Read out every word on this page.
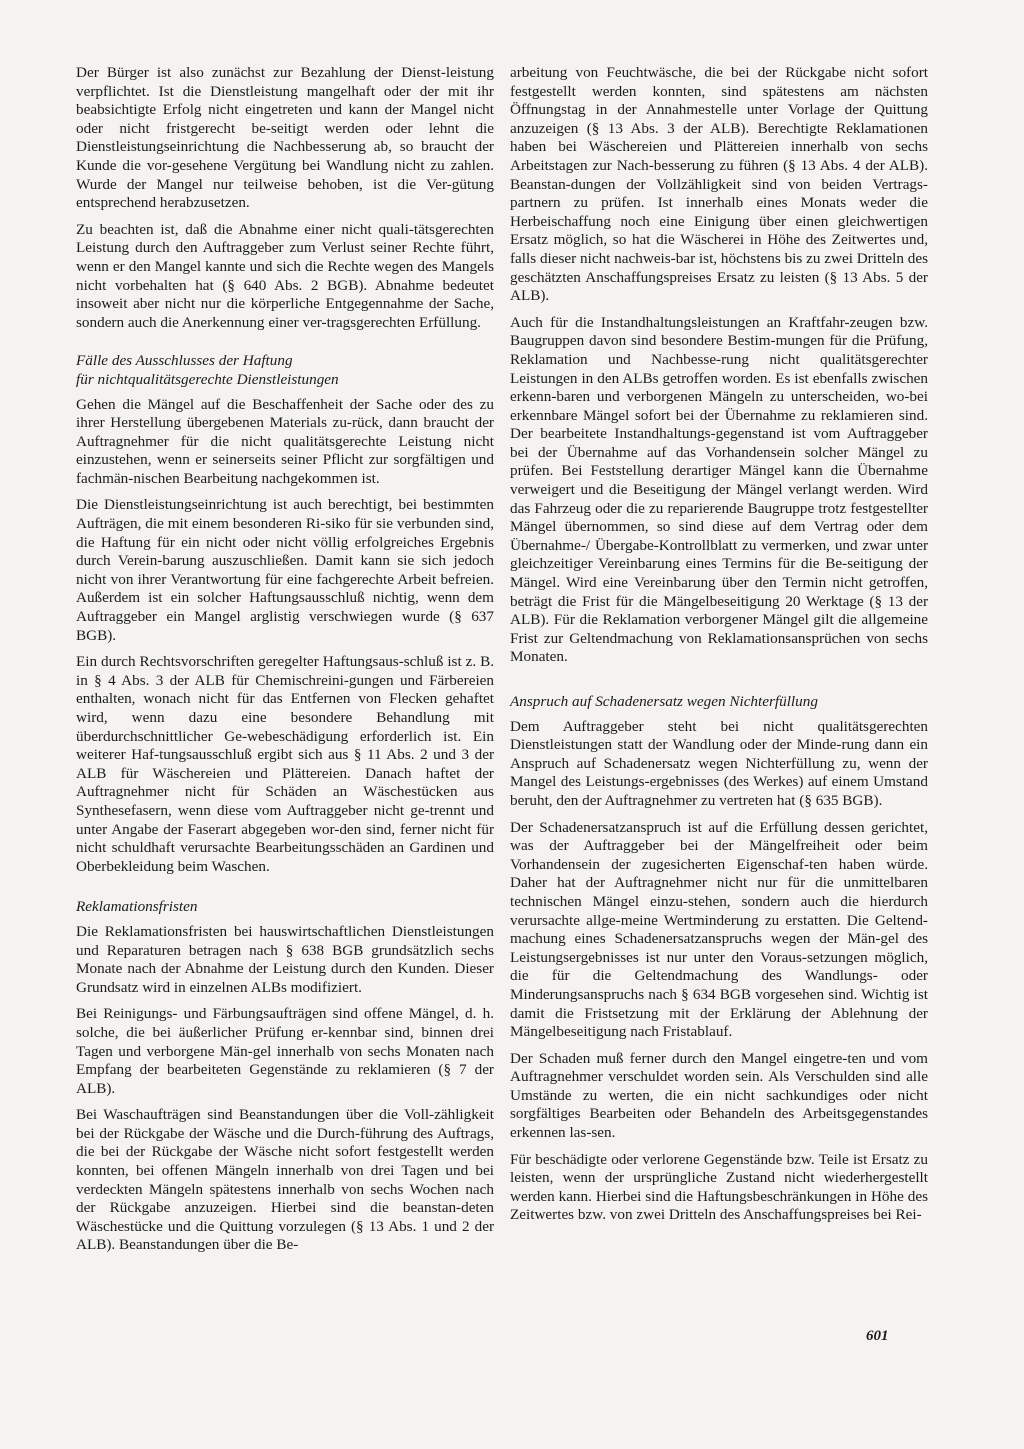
Der Bürger ist also zunächst zur Bezahlung der Dienst-leistung verpflichtet. Ist die Dienstleistung mangelhaft oder der mit ihr beabsichtigte Erfolg nicht eingetreten und kann der Mangel nicht oder nicht fristgerecht be-seitigt werden oder lehnt die Dienstleistungseinrichtung die Nachbesserung ab, so braucht der Kunde die vor-gesehene Vergütung bei Wandlung nicht zu zahlen. Wurde der Mangel nur teilweise behoben, ist die Ver-gütung entsprechend herabzusetzen.

Zu beachten ist, daß die Abnahme einer nicht quali-tätsgerechten Leistung durch den Auftraggeber zum Verlust seiner Rechte führt, wenn er den Mangel kannte und sich die Rechte wegen des Mangels nicht vorbehalten hat (§ 640 Abs. 2 BGB). Abnahme bedeutet insoweit aber nicht nur die körperliche Entgegennahme der Sache, sondern auch die Anerkennung einer ver-tragsgerechten Erfüllung.

Fälle des Ausschlusses der Haftung
für nichtqualitätsgerechte Dienstleistungen

Gehen die Mängel auf die Beschaffenheit der Sache oder des zu ihrer Herstellung übergebenen Materials zu-rück, dann braucht der Auftragnehmer für die nicht qualitätsgerechte Leistung nicht einzustehen, wenn er seinerseits seiner Pflicht zur sorgfältigen und fachmän-nischen Bearbeitung nachgekommen ist.

Die Dienstleistungseinrichtung ist auch berechtigt, bei bestimmten Aufträgen, die mit einem besonderen Ri-siko für sie verbunden sind, die Haftung für ein nicht oder nicht völlig erfolgreiches Ergebnis durch Verein-barung auszuschließen. Damit kann sie sich jedoch nicht von ihrer Verantwortung für eine fachgerechte Arbeit befreien. Außerdem ist ein solcher Haftungsausschluß nichtig, wenn dem Auftraggeber ein Mangel arglistig verschwiegen wurde (§ 637 BGB).

Ein durch Rechtsvorschriften geregelter Haftungsaus-schluß ist z. B. in § 4 Abs. 3 der ALB für Chemischreini-gungen und Färbereien enthalten, wonach nicht für das Entfernen von Flecken gehaftet wird, wenn dazu eine besondere Behandlung mit überdurchschnittlicher Ge-webeschädigung erforderlich ist. Ein weiterer Haf-tungsausschluß ergibt sich aus § 11 Abs. 2 und 3 der ALB für Wäschereien und Plättereien. Danach haftet der Auftragnehmer nicht für Schäden an Wäschestücken aus Synthesefasern, wenn diese vom Auftraggeber nicht ge-trennt und unter Angabe der Faserart abgegeben wor-den sind, ferner nicht für nicht schuldhaft verursachte Bearbeitungsschäden an Gardinen und Oberbekleidung beim Waschen.

Reklamationsfristen

Die Reklamationsfristen bei hauswirtschaftlichen Dienstleistungen und Reparaturen betragen nach § 638 BGB grundsätzlich sechs Monate nach der Abnahme der Leistung durch den Kunden. Dieser Grundsatz wird in einzelnen ALBs modifiziert.

Bei Reinigungs- und Färbungsaufträgen sind offene Mängel, d. h. solche, die bei äußerlicher Prüfung er-kennbar sind, binnen drei Tagen und verborgene Män-gel innerhalb von sechs Monaten nach Empfang der bearbeiteten Gegenstände zu reklamieren (§ 7 der ALB).

Bei Waschaufträgen sind Beanstandungen über die Voll-zähligkeit bei der Rückgabe der Wäsche und die Durch-führung des Auftrags, die bei der Rückgabe der Wäsche nicht sofort festgestellt werden konnten, bei offenen Mängeln innerhalb von drei Tagen und bei verdeckten Mängeln spätestens innerhalb von sechs Wochen nach der Rückgabe anzuzeigen. Hierbei sind die beanstan-deten Wäschestücke und die Quittung vorzulegen (§ 13 Abs. 1 und 2 der ALB). Beanstandungen über die Be-

arbeitung von Feuchtwäsche, die bei der Rückgabe nicht sofort festgestellt werden konnten, sind spätestens am nächsten Öffnungstag in der Annahmestelle unter Vorlage der Quittung anzuzeigen (§ 13 Abs. 3 der ALB). Berechtigte Reklamationen haben bei Wäschereien und Plättereien innerhalb von sechs Arbeitstagen zur Nach-besserung zu führen (§ 13 Abs. 4 der ALB). Beanstan-dungen der Vollzähligkeit sind von beiden Vertrags-partnern zu prüfen. Ist innerhalb eines Monats weder die Herbeischaffung noch eine Einigung über einen gleichwertigen Ersatz möglich, so hat die Wäscherei in Höhe des Zeitwertes und, falls dieser nicht nachweis-bar ist, höchstens bis zu zwei Dritteln des geschätzten Anschaffungspreises Ersatz zu leisten (§ 13 Abs. 5 der ALB).

Auch für die Instandhaltungsleistungen an Kraftfahr-zeugen bzw. Baugruppen davon sind besondere Bestim-mungen für die Prüfung, Reklamation und Nachbesse-rung nicht qualitätsgerechter Leistungen in den ALBs getroffen worden. Es ist ebenfalls zwischen erkenn-baren und verborgenen Mängeln zu unterscheiden, wo-bei erkennbare Mängel sofort bei der Übernahme zu reklamieren sind. Der bearbeitete Instandhaltungs-gegenstand ist vom Auftraggeber bei der Übernahme auf das Vorhandensein solcher Mängel zu prüfen. Bei Feststellung derartiger Mängel kann die Übernahme verweigert und die Beseitigung der Mängel verlangt werden. Wird das Fahrzeug oder die zu reparierende Baugruppe trotz festgestellter Mängel übernommen, so sind diese auf dem Vertrag oder dem Übernahme-/ Übergabe-Kontrollblatt zu vermerken, und zwar unter gleichzeitiger Vereinbarung eines Termins für die Be-seitigung der Mängel. Wird eine Vereinbarung über den Termin nicht getroffen, beträgt die Frist für die Mängelbeseitigung 20 Werktage (§ 13 der ALB). Für die Reklamation verborgener Mängel gilt die allgemeine Frist zur Geltendmachung von Reklamationsansprüchen von sechs Monaten.

Anspruch auf Schadenersatz wegen Nichterfüllung

Dem Auftraggeber steht bei nicht qualitätsgerechten Dienstleistungen statt der Wandlung oder der Minde-rung dann ein Anspruch auf Schadenersatz wegen Nichterfüllung zu, wenn der Mangel des Leistungs-ergebnisses (des Werkes) auf einem Umstand beruht, den der Auftragnehmer zu vertreten hat (§ 635 BGB).

Der Schadenersatzanspruch ist auf die Erfüllung dessen gerichtet, was der Auftraggeber bei der Mängelfreiheit oder beim Vorhandensein der zugesicherten Eigenschaf-ten haben würde. Daher hat der Auftragnehmer nicht nur für die unmittelbaren technischen Mängel einzu-stehen, sondern auch die hierdurch verursachte allge-meine Wertminderung zu erstatten. Die Geltend-machung eines Schadenersatzanspruchs wegen der Män-gel des Leistungsergebnisses ist nur unter den Voraus-setzungen möglich, die für die Geltendmachung des Wandlungs- oder Minderungsanspruchs nach § 634 BGB vorgesehen sind. Wichtig ist damit die Fristsetzung mit der Erklärung der Ablehnung der Mängelbeseitigung nach Fristablauf.

Der Schaden muß ferner durch den Mangel eingetre-ten und vom Auftragnehmer verschuldet worden sein. Als Verschulden sind alle Umstände zu werten, die ein nicht sachkundiges oder nicht sorgfältiges Bearbeiten oder Behandeln des Arbeitsgegenstandes erkennen las-sen.

Für beschädigte oder verlorene Gegenstände bzw. Teile ist Ersatz zu leisten, wenn der ursprüngliche Zustand nicht wiederhergestellt werden kann. Hierbei sind die Haftungsbeschränkungen in Höhe des Zeitwertes bzw. von zwei Dritteln des Anschaffungspreises bei Rei-

601
